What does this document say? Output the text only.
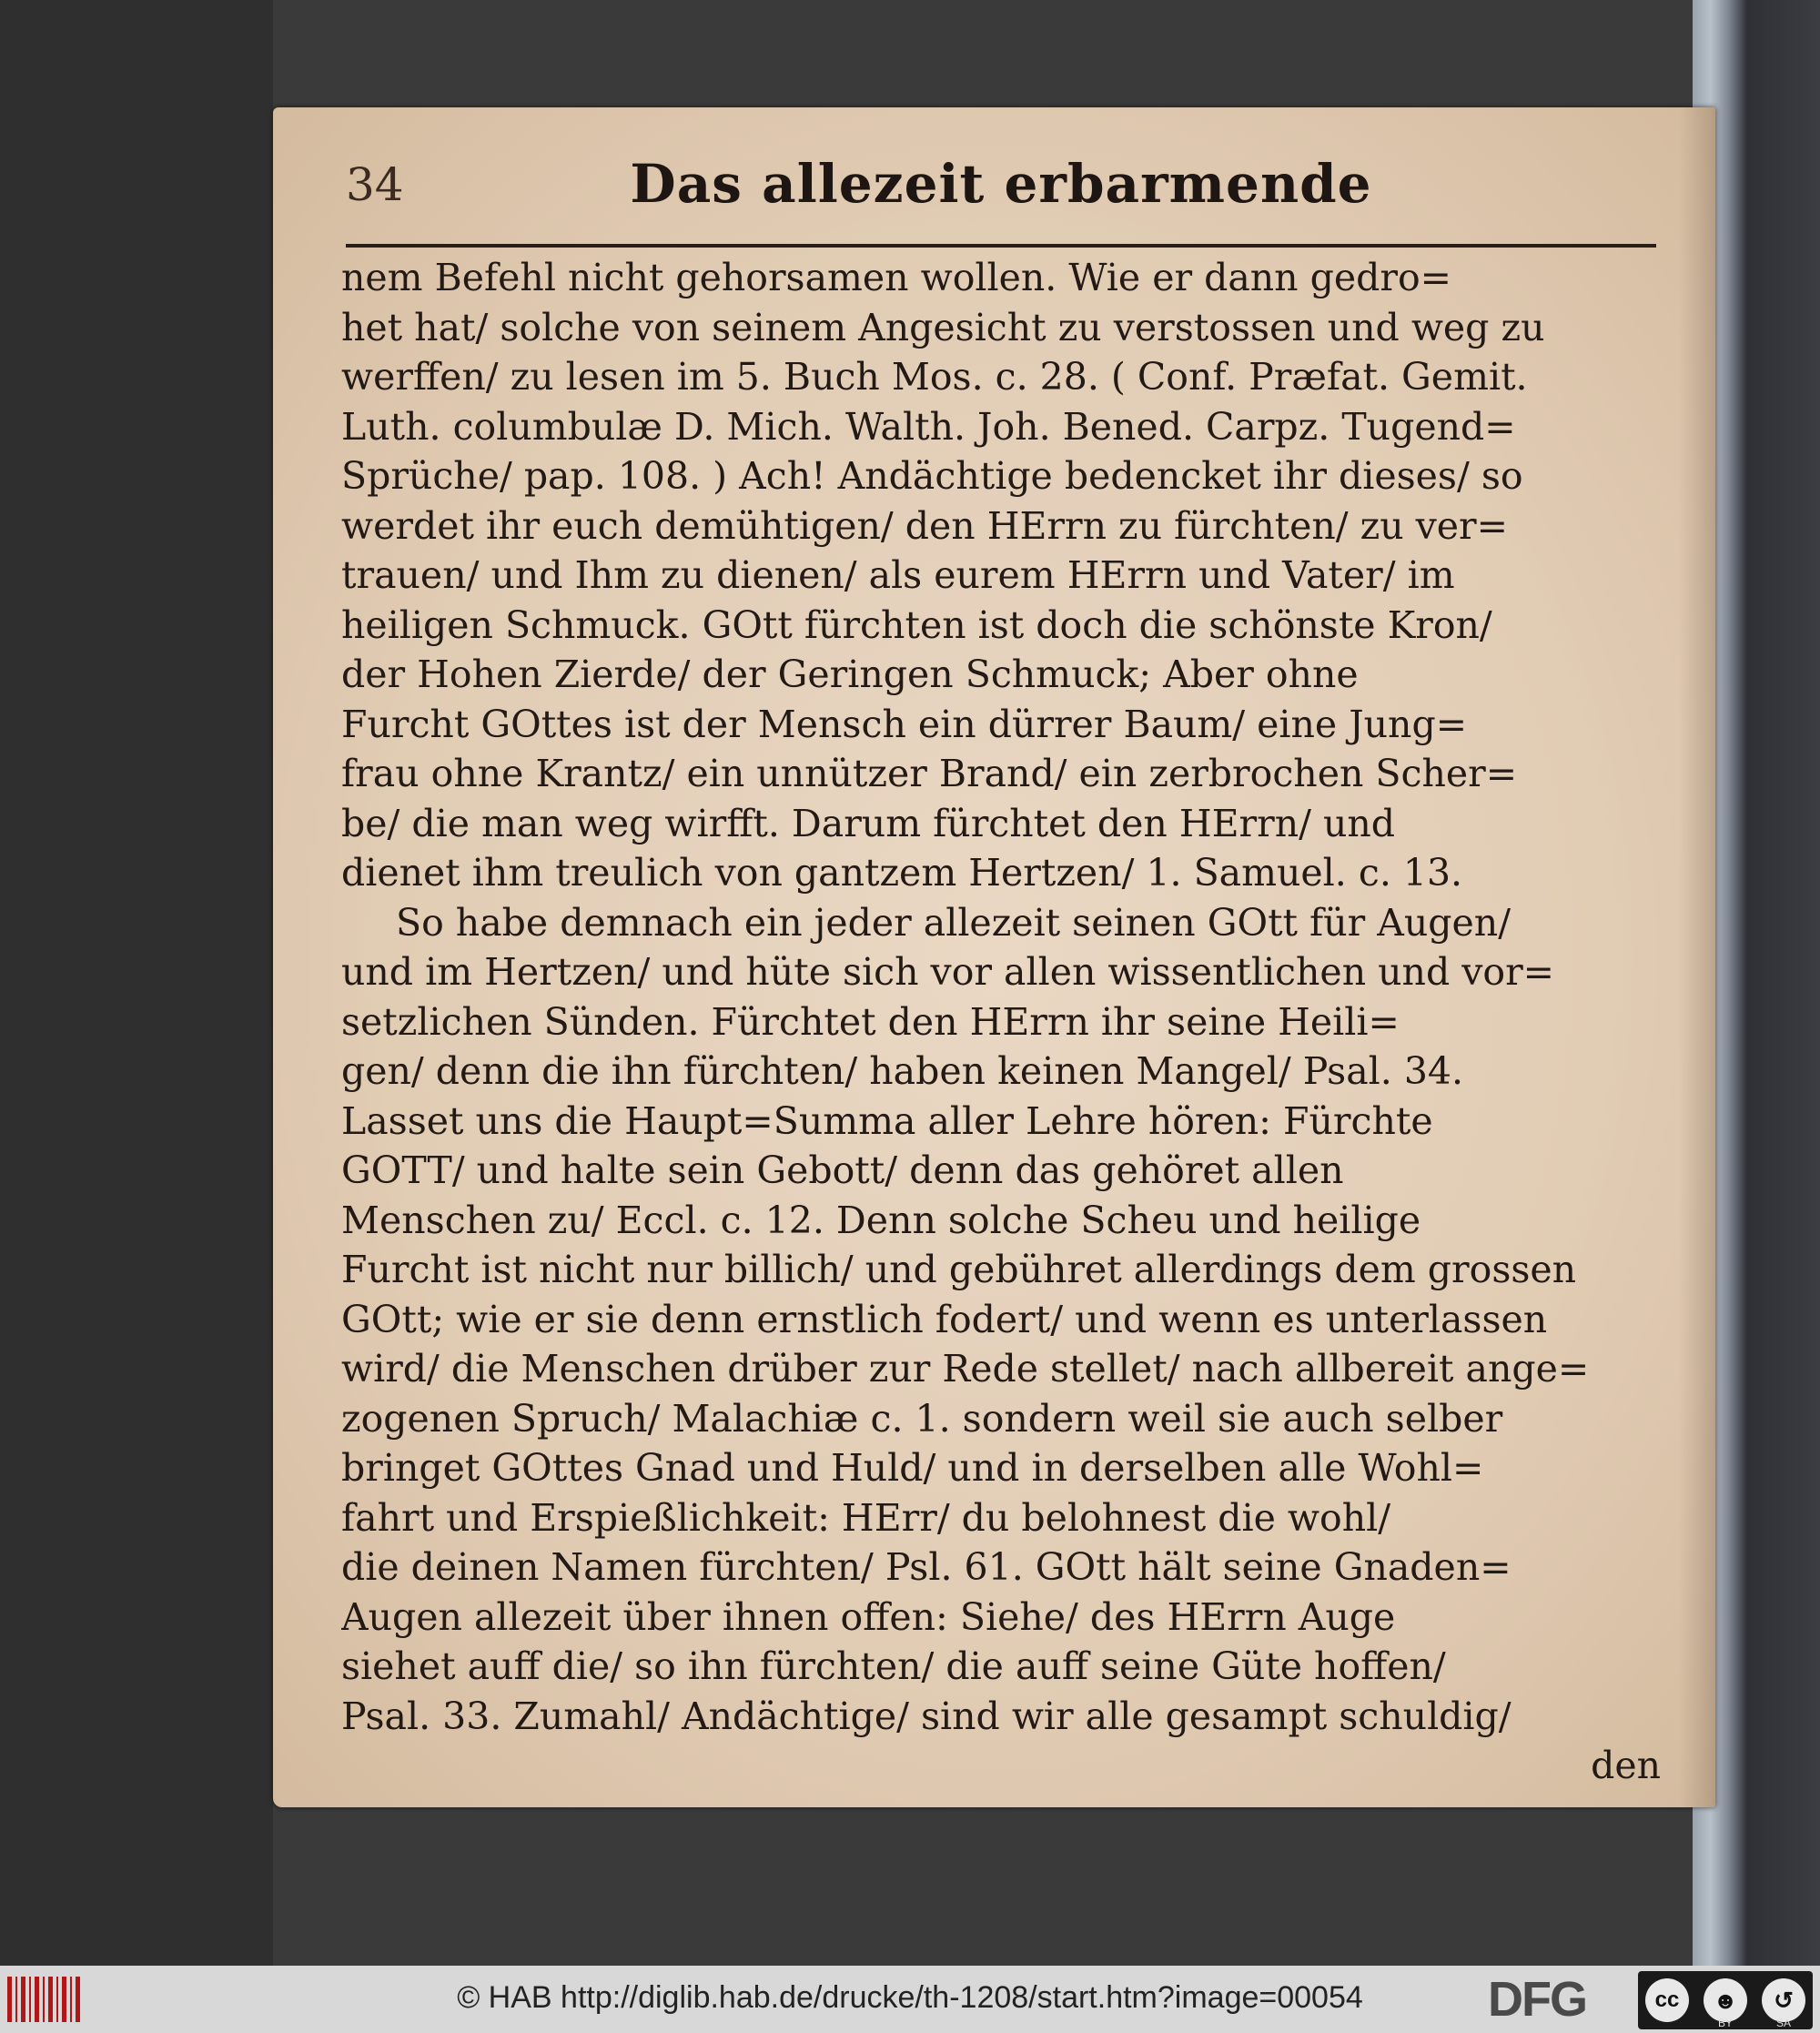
34	Das allezeit erbarmende
nem Befehl nicht gehorsamen wollen. Wie er dann gedro=
het hat/ solche von seinem Angesicht zu verstossen und weg zu
werffen/ zu lesen im 5. Buch Mos. c. 28. ( Conf. Præfat. Gemit.
Luth. columbulæ D. Mich. Walth. Joh. Bened. Carpz. Tugend=
Sprüche/ pap. 108. ) Ach! Andächtige bedencket ihr dieses/ so
werdet ihr euch demühtigen/ den HErrn zu fürchten/ zu ver=
trauen/ und Ihm zu dienen/ als eurem HErrn und Vater/ im
heiligen Schmuck. GOtt fürchten ist doch die schönste Kron/
der Hohen Zierde/ der Geringen Schmuck; Aber ohne
Furcht GOttes ist der Mensch ein dürrer Baum/ eine Jung=
frau ohne Krantz/ ein unnützer Brand/ ein zerbrochen Scher=
be/ die man weg wirfft. Darum fürchtet den HErrn/ und
dienet ihm treulich von gantzem Hertzen/ 1. Samuel. c. 13.
So habe demnach ein jeder allezeit seinen GOtt für Augen/
und im Hertzen/ und hüte sich vor allen wissentlichen und vor=
setzlichen Sünden. Fürchtet den HErrn ihr seine Heili=
gen/ denn die ihn fürchten/ haben keinen Mangel/ Psal. 34.
Lasset uns die Haupt=Summa aller Lehre hören: Fürchte
GOTT/ und halte sein Gebott/ denn das gehöret allen
Menschen zu/ Eccl. c. 12. Denn solche Scheu und heilige
Furcht ist nicht nur billich/ und gebühret allerdings dem grossen
GOtt; wie er sie denn ernstlich fodert/ und wenn es unterlassen
wird/ die Menschen drüber zur Rede stellet/ nach allbereit ange=
zogenen Spruch/ Malachiæ c. 1. sondern weil sie auch selber
bringet GOttes Gnad und Huld/ und in derselben alle Wohl=
fahrt und Erspießlichkeit: HErr/ du belohnest die wohl/
die deinen Namen fürchten/ Psl. 61. GOtt hält seine Gnaden=
Augen allezeit über ihnen offen: Siehe/ des HErrn Auge
siehet auff die/ so ihn fürchten/ die auff seine Güte hoffen/
Psal. 33. Zumahl/ Andächtige/ sind wir alle gesampt schuldig/
den
© HAB http://diglib.hab.de/drucke/th-1208/start.htm?image=00054	DFG	cc	☻	↺
BY	SA
